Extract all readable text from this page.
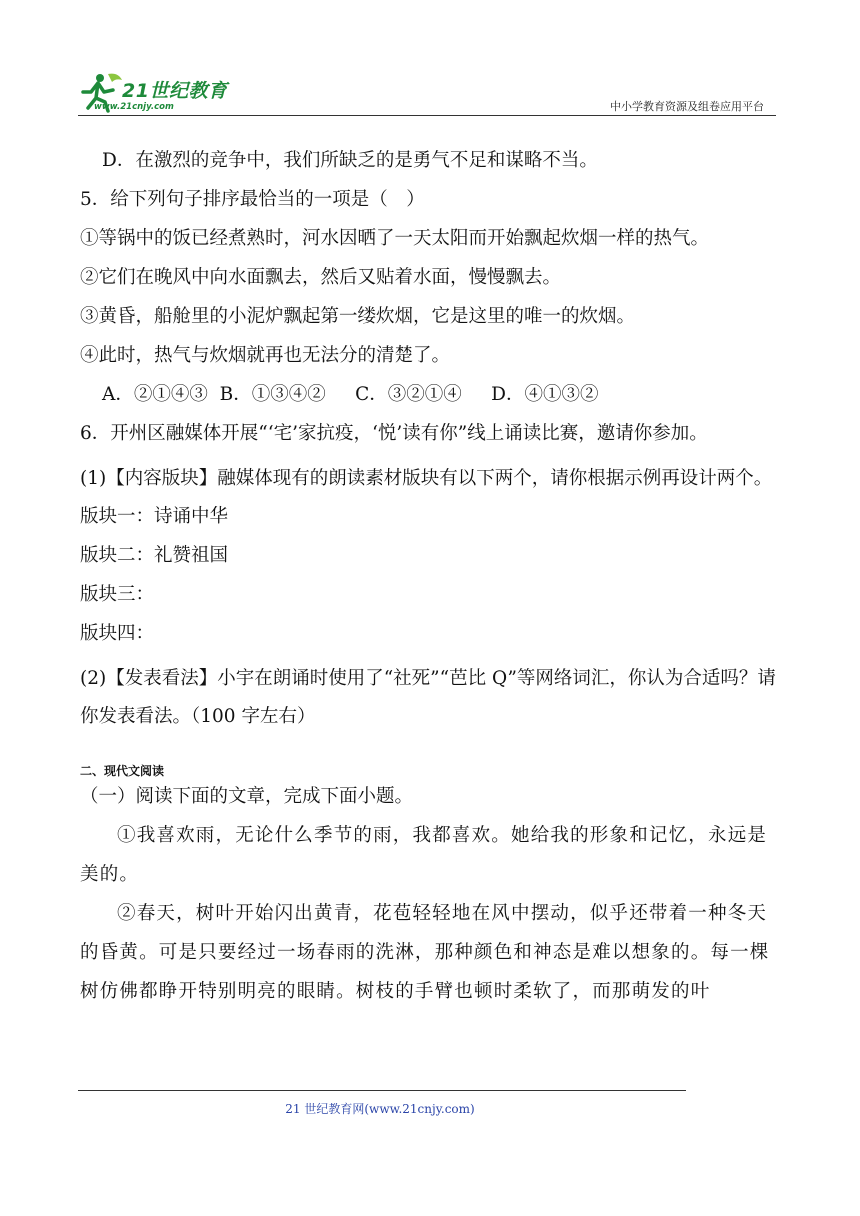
21世纪教育
www.21cnjy.com	中小学教育资源及组卷应用平台
D．在激烈的竞争中，我们所缺乏的是勇气不足和谋略不当。
5．给下列句子排序最恰当的一项是（　）
①等锅中的饭已经煮熟时，河水因晒了一天太阳而开始飘起炊烟一样的热气。
②它们在晚风中向水面飘去，然后又贴着水面，慢慢飘去。
③黄昏，船舱里的小泥炉飘起第一缕炊烟，它是这里的唯一的炊烟。
④此时，热气与炊烟就再也无法分的清楚了。
A．②①④③  B．①③④②     C．③②①④     D．④①③②
6．开州区融媒体开展“‘宅’家抗疫，‘悦’读有你”线上诵读比赛，邀请你参加。
(1)【内容版块】融媒体现有的朗读素材版块有以下两个，请你根据示例再设计两个。
版块一：诗诵中华
版块二：礼赞祖国
版块三：
版块四：
(2)【发表看法】小宇在朗诵时使用了“社死”“芭比 Q”等网络词汇，你认为合适吗？请你发表看法。（100 字左右）
二、现代文阅读
（一）阅读下面的文章，完成下面小题。
①我喜欢雨，无论什么季节的雨，我都喜欢。她给我的形象和记忆，永远是美的。
②春天，树叶开始闪出黄青，花苞轻轻地在风中摆动，似乎还带着一种冬天的昏黄。可是只要经过一场春雨的洗淋，那种颜色和神态是难以想象的。每一棵树仿佛都睁开特别明亮的眼睛。树枝的手臂也顿时柔软了，而那萌发的叶
21 世纪教育网(www.21cnjy.com)
